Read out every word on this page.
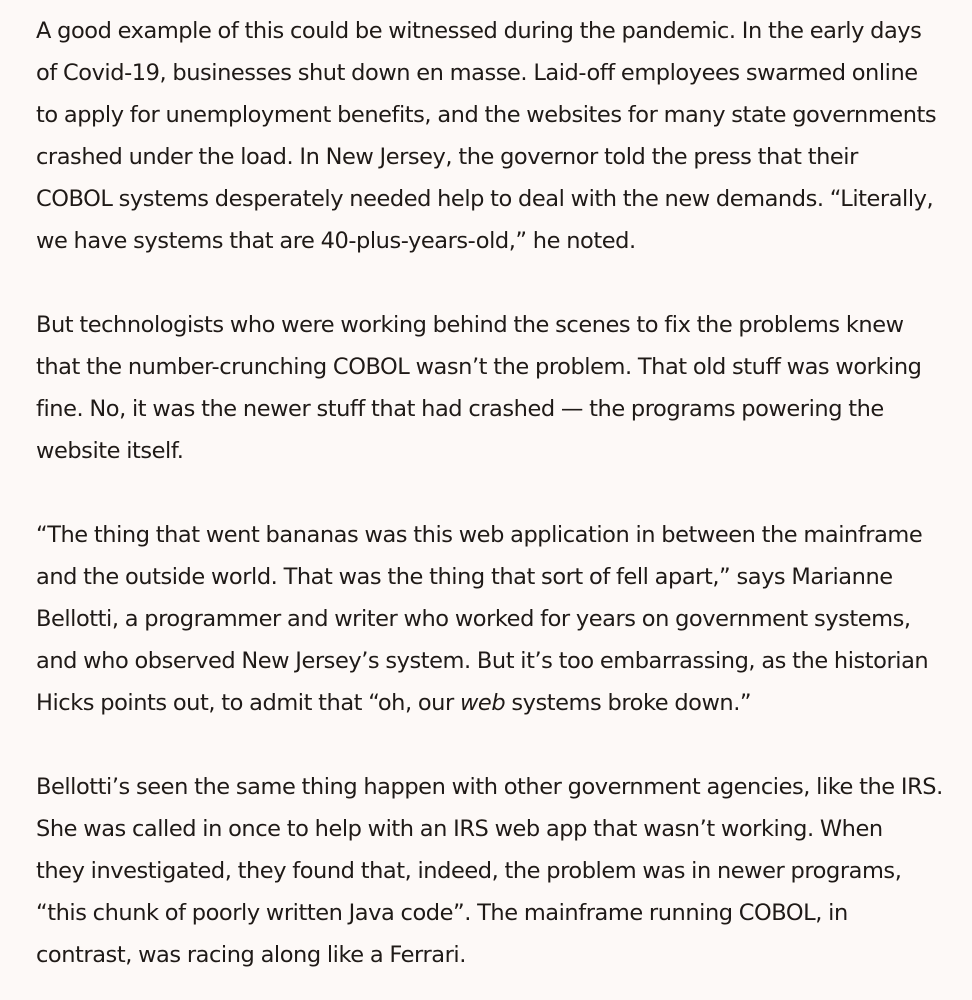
A good example of this could be witnessed during the pandemic. In the early days
of Covid-19, businesses shut down en masse. Laid-off employees swarmed online
to apply for unemployment benefits, and the websites for many state governments
crashed under the load. In New Jersey, the governor told the press that their
COBOL systems desperately needed help to deal with the new demands. “Literally,
we have systems that are 40-plus-years-old,” he noted.

But technologists who were working behind the scenes to fix the problems knew
that the number-crunching COBOL wasn’t the problem. That old stuff was working
fine. No, it was the newer stuff that had crashed — the programs powering the
website itself.

“The thing that went bananas was this web application in between the mainframe
and the outside world. That was the thing that sort of fell apart,” says Marianne
Bellotti, a programmer and writer who worked for years on government systems,
and who observed New Jersey’s system. But it’s too embarrassing, as the historian
Hicks points out, to admit that “oh, our web systems broke down.”

Bellotti’s seen the same thing happen with other government agencies, like the IRS.
She was called in once to help with an IRS web app that wasn’t working. When
they investigated, they found that, indeed, the problem was in newer programs,
“this chunk of poorly written Java code”. The mainframe running COBOL, in
contrast, was racing along like a Ferrari.
